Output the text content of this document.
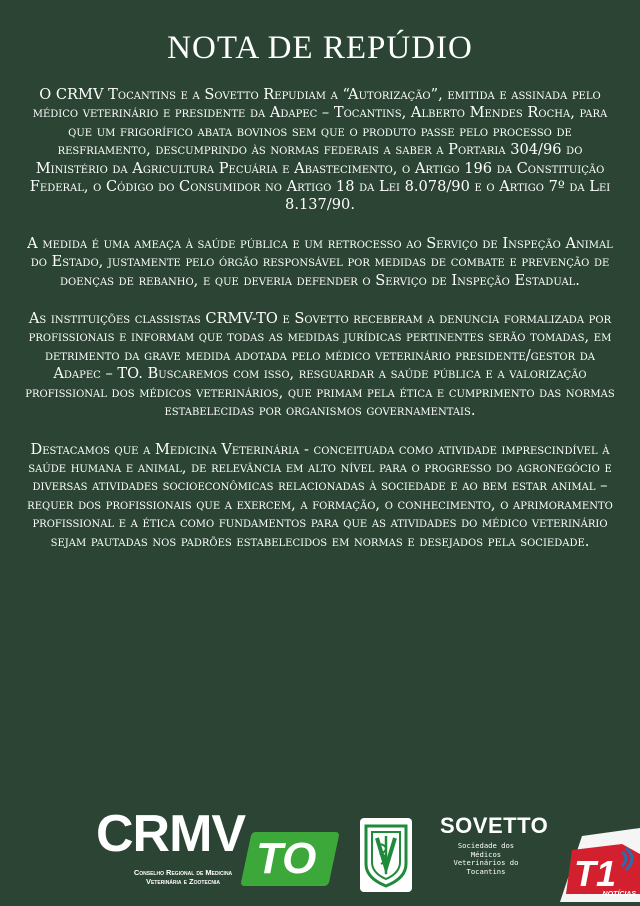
NOTA DE REPÚDIO

O CRMV Tocantins e a Sovetto Repudiam a “Autorização”, emitida e assinada pelo médico veterinário e presidente da Adapec – Tocantins, Alberto Mendes Rocha, para que um frigorífico abata bovinos sem que o produto passe pelo processo de resfriamento, descumprindo às normas federais a saber a Portaria 304/96 do Ministério da Agricultura Pecuária e Abastecimento, o Artigo 196 da Constituição Federal, o Código do Consumidor no Artigo 18 da Lei 8.078/90 e o Artigo 7º da Lei 8.137/90.

A medida é uma ameaça à saúde pública e um retrocesso ao Serviço de Inspeção Animal do Estado, justamente pelo órgão responsável por medidas de combate e prevenção de doenças de rebanho, e que deveria defender o Serviço de Inspeção Estadual.

As instituições classistas CRMV-TO e Sovetto receberam a denuncia formalizada por profissionais e informam que todas as medidas jurídicas pertinentes serão tomadas, em detrimento da grave medida adotada pelo médico veterinário presidente/gestor da Adapec – TO. Buscaremos com isso, resguardar a saúde pública e a valorização profissional dos médicos veterinários, que primam pela ética e cumprimento das normas estabelecidas por organismos governamentais.

Destacamos que a Medicina Veterinária - conceituada como atividade imprescindível à saúde humana e animal, de relevância em alto nível para o progresso do agronegócio e diversas atividades socioeconômicas relacionadas à sociedade e ao bem estar animal – requer dos profissionais que a exercem, a formação, o conhecimento, o aprimoramento profissional e a ética como fundamentos para que as atividades do médico veterinário sejam pautadas nos padrões estabelecidos em normas e desejados pela sociedade.

CRMV TO
Conselho Regional de Medicina
Veterinária e Zootecnia
SOVETTO
Sociedade dos
Médicos
Veterinários do
Tocantins	T1
NOTÍCIAS
